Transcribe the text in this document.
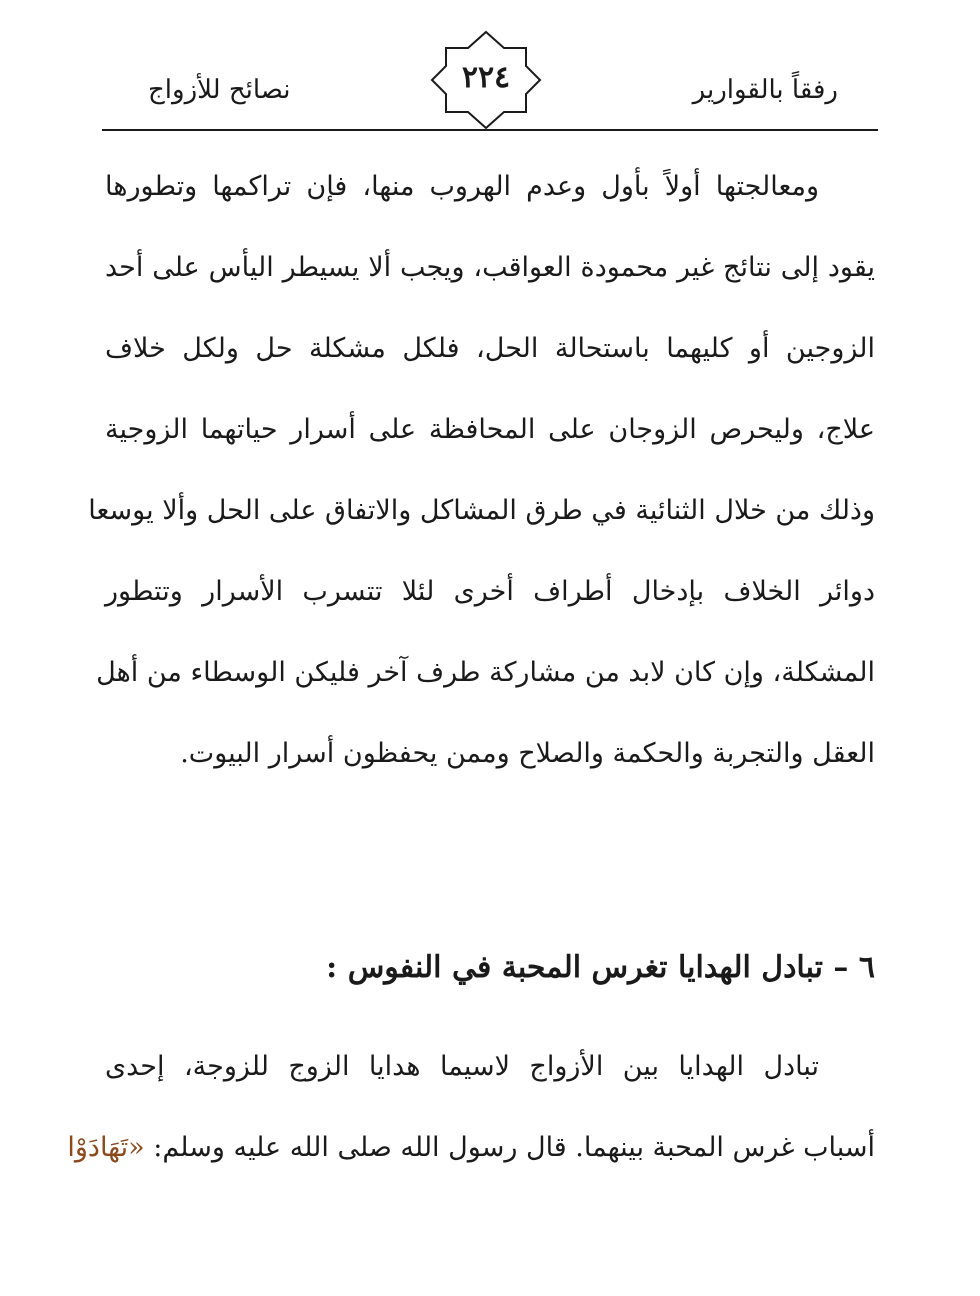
رفقاً بالقوارير
٢٢٤
نصائح للأزواج
ومعالجتها أولاً بأول وعدم الهروب منها، فإن تراكمها وتطورها
يقود إلى نتائج غير محمودة العواقب، ويجب ألا يسيطر اليأس على أحد
الزوجين أو كليهما باستحالة الحل، فلكل مشكلة حل ولكل خلاف
علاج، وليحرص الزوجان على المحافظة على أسرار حياتهما الزوجية
وذلك من خلال الثنائية في طرق المشاكل والاتفاق على الحل وألا يوسعا
دوائر الخلاف بإدخال أطراف أخرى لئلا تتسرب الأسرار وتتطور
المشكلة، وإن كان لابد من مشاركة طرف آخر فليكن الوسطاء من أهل
العقل والتجربة والحكمة والصلاح وممن يحفظون أسرار البيوت.
٦ – تبادل الهدايا تغرس المحبة في النفوس :
تبادل الهدايا بين الأزواج لاسيما هدايا الزوج للزوجة، إحدى
أسباب غرس المحبة بينهما. قال رسول الله صلى الله عليه وسلم: «تَهَادَوْا
